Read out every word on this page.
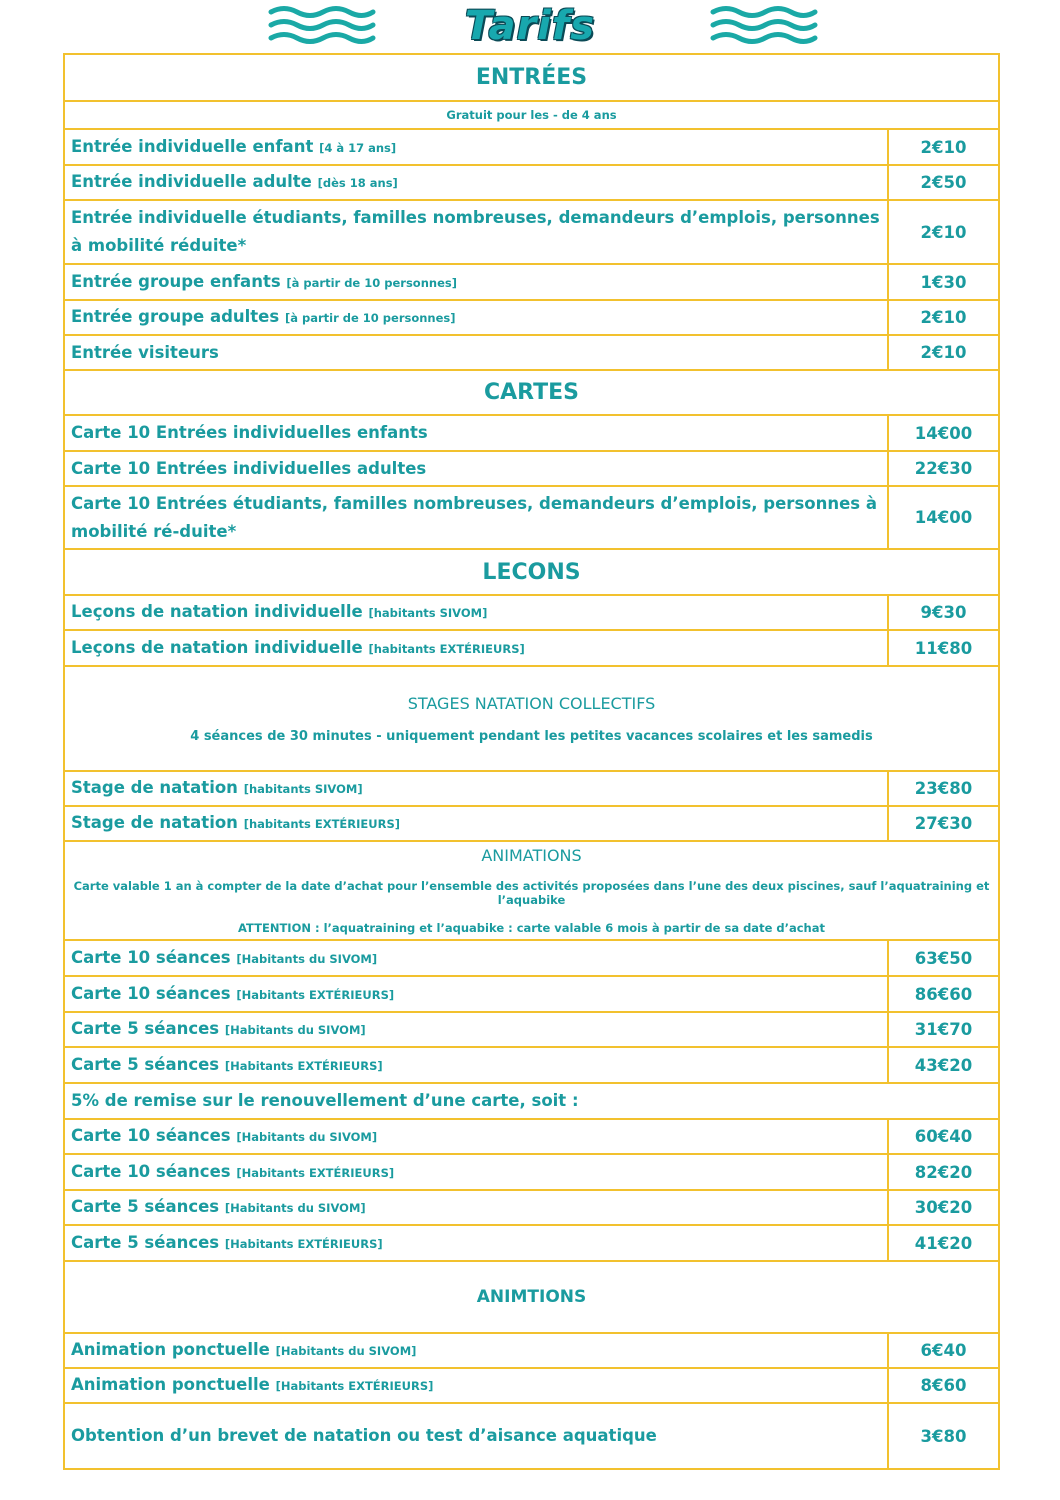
Tarifs
ENTRÉES	
Gratuit pour les - de 4 ans	
Entrée individuelle enfant [4 à 17 ans]	2€10
Entrée individuelle adulte [dès 18 ans]	2€50
Entrée individuelle étudiants, familles nombreuses, demandeurs d’emplois, personnes à mobilité réduite*	2€10
Entrée groupe enfants [à partir de 10 personnes]	1€30
Entrée groupe adultes [à partir de 10 personnes]	2€10
Entrée visiteurs	2€10
CARTES	
Carte 10 Entrées individuelles enfants	14€00
Carte 10 Entrées individuelles adultes	22€30
Carte 10 Entrées étudiants, familles nombreuses, demandeurs d’emplois, personnes à mobilité ré-duite*	14€00
LECONS	
Leçons de natation individuelle [habitants SIVOM]	9€30
Leçons de natation individuelle [habitants EXTÉRIEURS]	11€80

STAGES NATATION COLLECTIFS
4 séances de 30 minutes - uniquement pendant les petites vacances scolaires et les samedis	

Stage de natation [habitants SIVOM]	23€80
Stage de natation [habitants EXTÉRIEURS]	27€30

ANIMATIONS
Carte valable 1 an à compter de la date d’achat pour l’ensemble des activités proposées dans l’une des deux piscines, sauf l’aquatraining et l’aquabike
ATTENTION : l’aquatraining et l’aquabike : carte valable 6 mois à partir de sa date d’achat	

Carte 10 séances [Habitants du SIVOM]	63€50
Carte 10 séances [Habitants EXTÉRIEURS]	86€60
Carte 5 séances [Habitants du SIVOM]	31€70
Carte 5 séances [Habitants EXTÉRIEURS]	43€20
5% de remise sur le renouvellement d’une carte, soit :	
Carte 10 séances [Habitants du SIVOM]	60€40
Carte 10 séances [Habitants EXTÉRIEURS]	82€20
Carte 5 séances [Habitants du SIVOM]	30€20
Carte 5 séances [Habitants EXTÉRIEURS]	41€20
ANIMTIONS	
Animation ponctuelle [Habitants du SIVOM]	6€40
Animation ponctuelle [Habitants EXTÉRIEURS]	8€60
Obtention d’un brevet de natation ou test d’aisance aquatique	3€80
